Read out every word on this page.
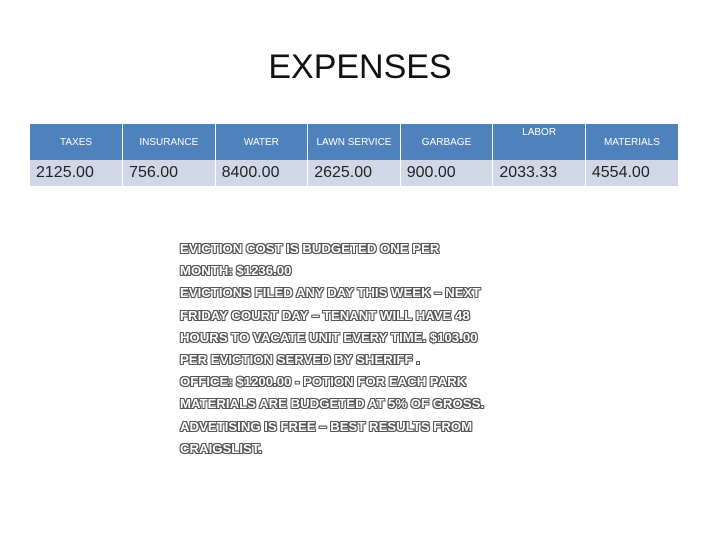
EXPENSES
TAXES	INSURANCE	WATER	LAWN SERVICE	GARBAGE	LABOR	MATERIALS
2125.00	756.00	8400.00	2625.00	900.00	2033.33	4554.00
EVICTION COST IS BUDGETED ONE PER
MONTH: $1236.00
EVICTIONS FILED ANY DAY THIS WEEK – NEXT
FRIDAY COURT DAY – TENANT WILL HAVE 48
HOURS TO VACATE UNIT EVERY TIME. $103.00
PER EVICTION SERVED BY SHERIFF .
OFFICE: $1200.00 - POTION FOR EACH PARK
MATERIALS ARE BUDGETED AT 5% OF GROSS.
ADVETISING IS FREE – BEST RESULTS FROM
CRAIGSLIST.
